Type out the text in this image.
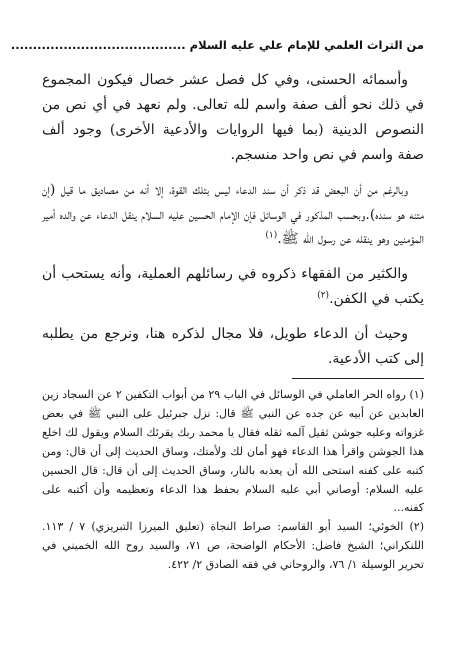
من التراث العلمي للإمام علي عليه السلام ........................................

وأسمائه الحسنى، وفي كل فصل عشر خصال فيكون المجموع في ذلك نحو ألف صفة واسم لله تعالى. ولم نعهد في أي نص من النصوص الدينية (بما فيها الروايات والأدعية الأخرى) وجود ألف صفة واسم في نص واحد منسجم.

وبالرغم من أن البعض قد ذكر أن سند الدعاء ليس بتلك القوة، إلا أنه من مصاديق ما قيل (إن متنه هو سنده).وبحسب المذكور في الوسائل فإن الإمام الحسين عليه السلام ينقل الدعاء عن والده أمير المؤمنين وهو ينقله عن رسول الله ﷺ.$^{(١)}$

والكثير من الفقهاء ذكروه في رسائلهم العملية، وأنه يستحب أن يكتب في الكفن.$^{(٢)}$

وحيث أن الدعاء طويل، فلا مجال لذكره هنا، ونرجع من يطلبه إلى كتب الأدعية.

(١) رواه الحر العاملي في الوسائل في الباب ٢٩ من أبواب التكفين ٢ عن السجاد زين العابدين عن أبيه عن جده عن النبي ﷺ قال: نزل جبرئيل على النبي ﷺ في بعض غزواته وعليه جوشن ثقيل آلمه ثقله فقال يا محمد ربك يقرئك السلام ويقول لك اخلع هذا الجوشن واقرأ هذا الدعاء فهو أمان لك ولأمتك، وساق الحديث إلى أن قال: ومن كتبه على كفنه استحى الله أن يعذبه بالنار، وساق الحديث إلى أن قال: قال الحسين عليه السلام: أوصاني أبي عليه السلام بحفظ هذا الدعاء وتعظيمه وأن أكتبه على كفنه...

(٢) الخوئي؛ السيد أبو القاسم: صراط النجاة (تعليق الميرزا التبريزي) ٧ / ١١٣. اللنكراني؛ الشيخ فاضل: الأحكام الواضحة، ص ٧١، والسيد روح الله الخميني في تحرير الوسيلة ١/ ٧٦، والروحاني في فقه الصادق ٢/ ٤٢٢.
